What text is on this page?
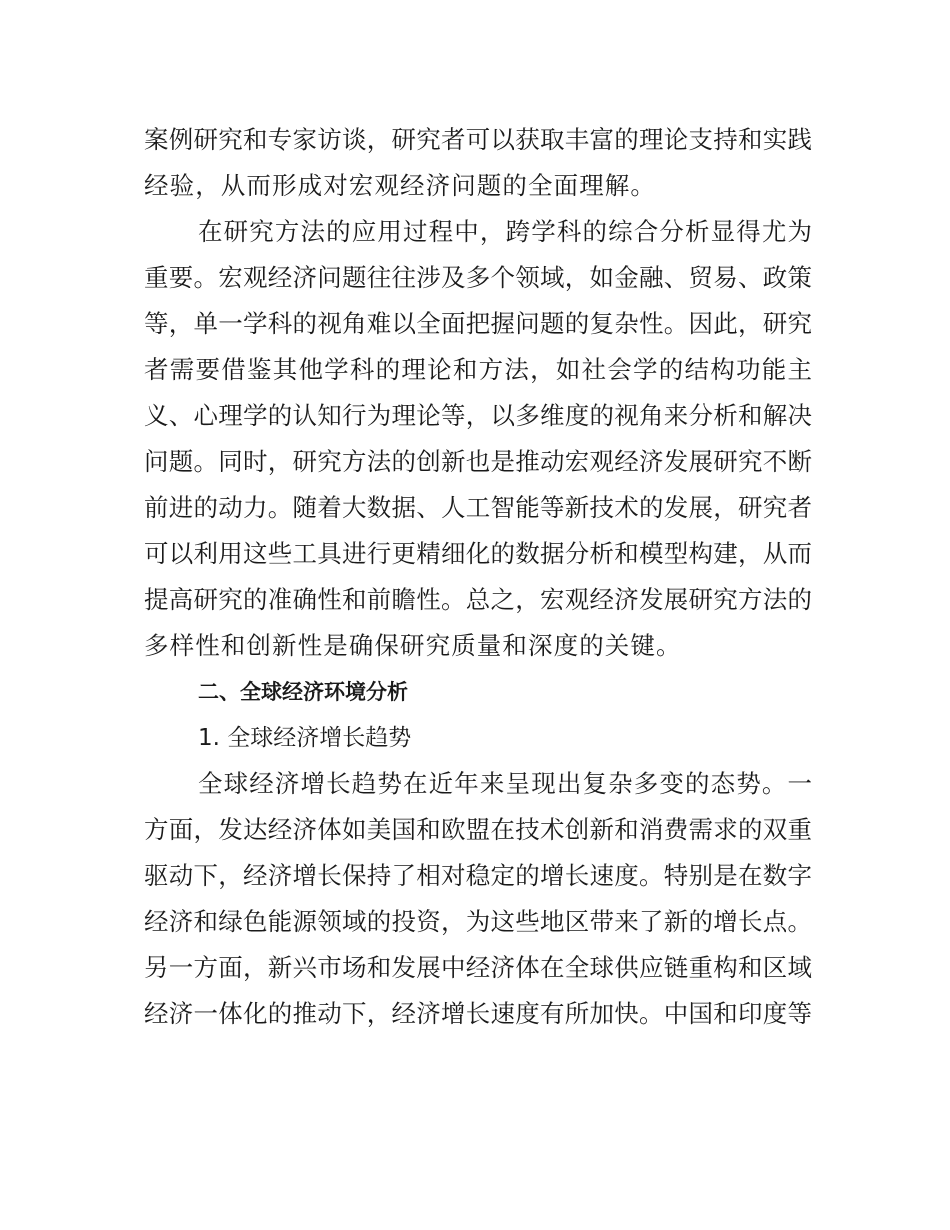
案例研究和专家访谈，研究者可以获取丰富的理论支持和实践
经验，从而形成对宏观经济问题的全面理解。
在研究方法的应用过程中，跨学科的综合分析显得尤为
重要。宏观经济问题往往涉及多个领域，如金融、贸易、政策
等，单一学科的视角难以全面把握问题的复杂性。因此，研究
者需要借鉴其他学科的理论和方法，如社会学的结构功能主
义、心理学的认知行为理论等，以多维度的视角来分析和解决
问题。同时，研究方法的创新也是推动宏观经济发展研究不断
前进的动力。随着大数据、人工智能等新技术的发展，研究者
可以利用这些工具进行更精细化的数据分析和模型构建，从而
提高研究的准确性和前瞻性。总之，宏观经济发展研究方法的
多样性和创新性是确保研究质量和深度的关键。
二、全球经济环境分析
1. 全球经济增长趋势
全球经济增长趋势在近年来呈现出复杂多变的态势。一
方面，发达经济体如美国和欧盟在技术创新和消费需求的双重
驱动下，经济增长保持了相对稳定的增长速度。特别是在数字
经济和绿色能源领域的投资，为这些地区带来了新的增长点。
另一方面，新兴市场和发展中经济体在全球供应链重构和区域
经济一体化的推动下，经济增长速度有所加快。中国和印度等
